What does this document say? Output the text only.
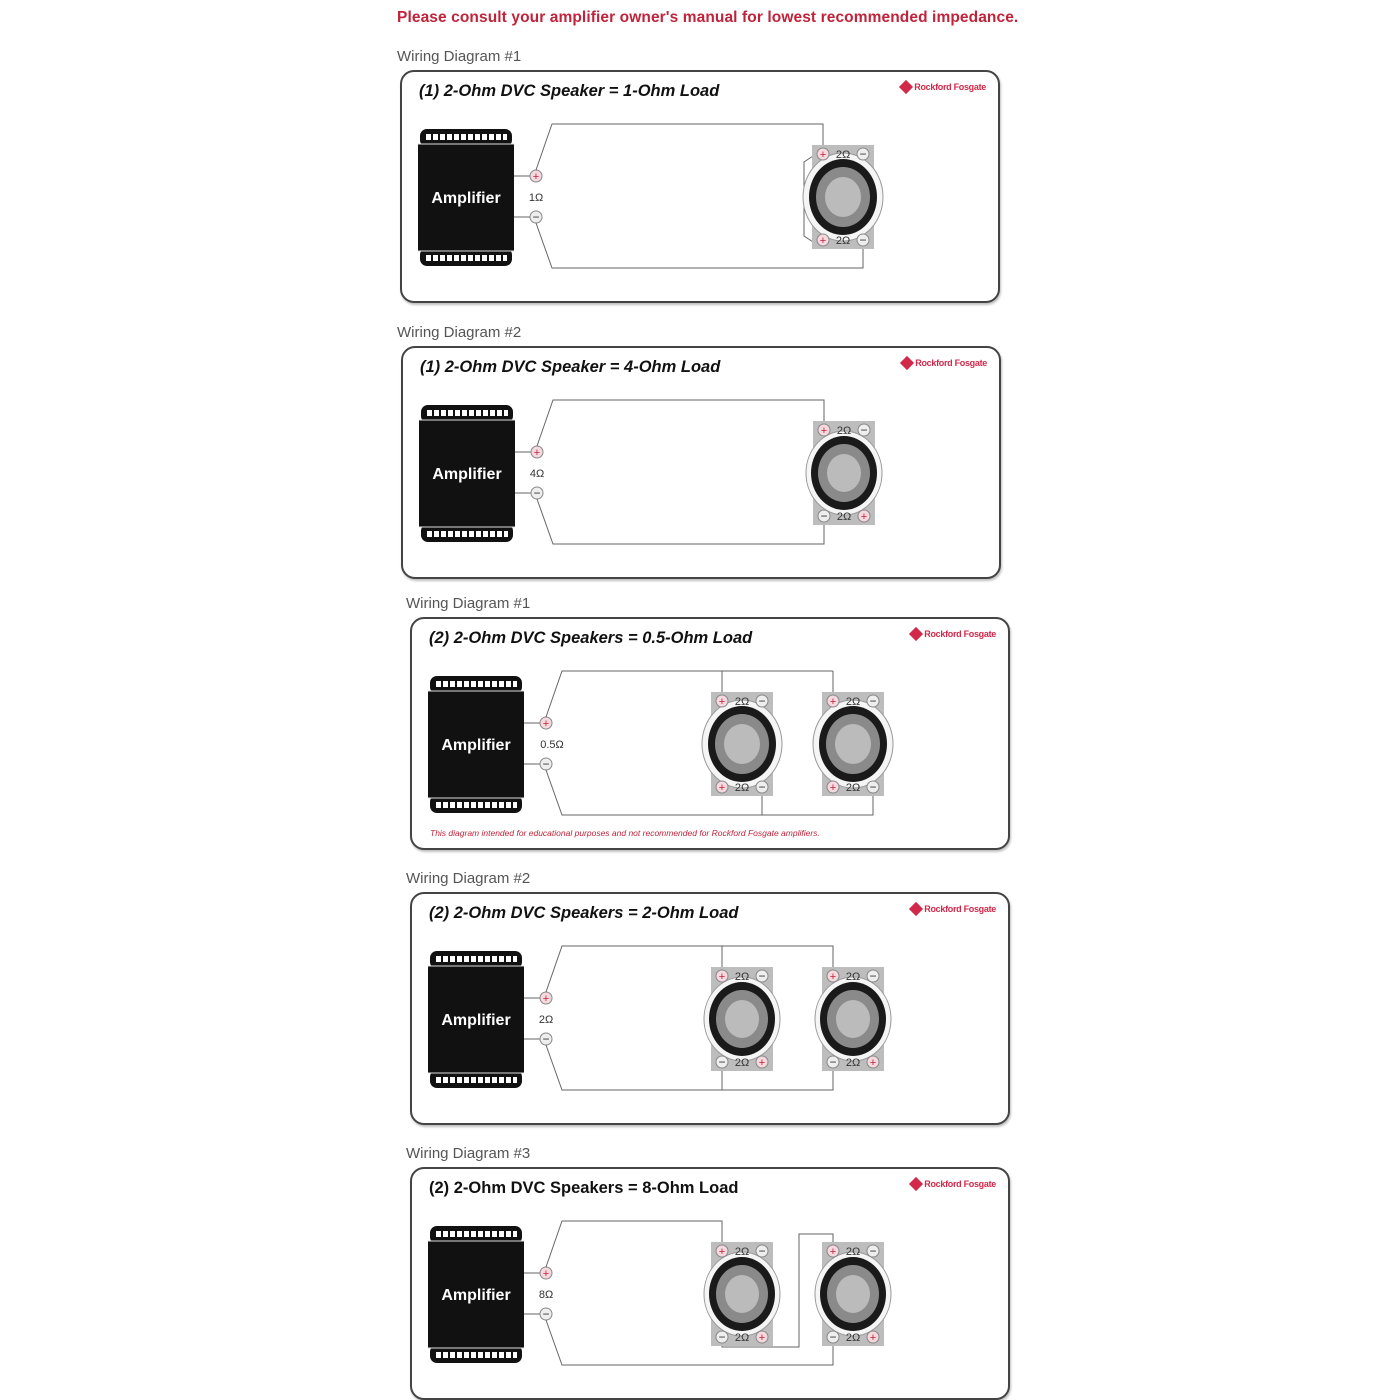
Please consult your amplifier owner's manual for lowest recommended impedance.
Wiring Diagram #1
(1) 2-Ohm DVC Speaker = 1-Ohm Load	Rockford Fosgate
Amplifier
+
−
1Ω
+	−
+	−
2Ω
2Ω
Wiring Diagram #2
(1) 2-Ohm DVC Speaker = 4-Ohm Load	Rockford Fosgate
Amplifier
+
−
4Ω
+	−
−	+
2Ω
2Ω
Wiring Diagram #1
(2) 2-Ohm DVC Speakers = 0.5-Ohm Load	Rockford Fosgate
This diagram intended for educational purposes and not recommended for Rockford Fosgate amplifiers.
Amplifier
+
−
0.5Ω
+	−
+	−
2Ω
2Ω
+	−
+	−
2Ω
2Ω
Wiring Diagram #2
(2) 2-Ohm DVC Speakers = 2-Ohm Load	Rockford Fosgate
Amplifier
+
−
2Ω
+	−
−	+
2Ω
2Ω
+	−
−	+
2Ω
2Ω
Wiring Diagram #3
(2) 2-Ohm DVC Speakers = 8-Ohm Load	Rockford Fosgate
Amplifier
+
−
8Ω
+	−
−	+
2Ω
2Ω
+	−
−	+
2Ω
2Ω
